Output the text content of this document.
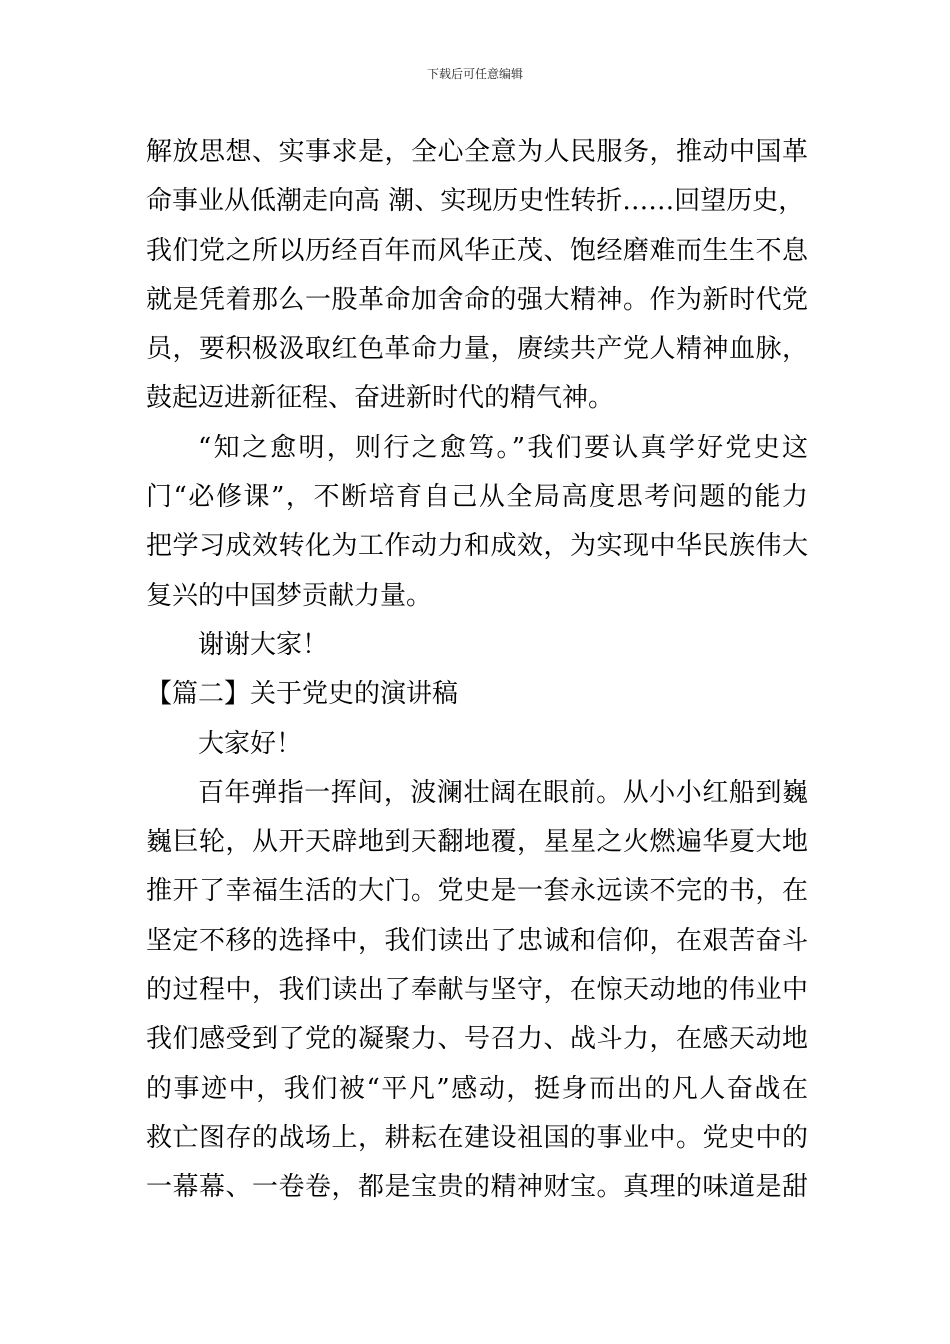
下载后可任意编辑
解放思想、实事求是，全心全意为人民服务，推动中国革
命事业从低潮走向高 潮、实现历史性转折……回望历史，
我们党之所以历经百年而风华正茂、饱经磨难而生生不息
就是凭着那么一股革命加舍命的强大精神。作为新时代党
员，要积极汲取红色革命力量，赓续共产党人精神血脉，
鼓起迈进新征程、奋进新时代的精气神。
“知之愈明，则行之愈笃。”我们要认真学好党史这
门“必修课”，不断培育自己从全局高度思考问题的能力
把学习成效转化为工作动力和成效，为实现中华民族伟大
复兴的中国梦贡献力量。
谢谢大家！
【篇二】关于党史的演讲稿
大家好！
百年弹指一挥间，波澜壮阔在眼前。从小小红船到巍
巍巨轮，从开天辟地到天翻地覆，星星之火燃遍华夏大地
推开了幸福生活的大门。党史是一套永远读不完的书，在
坚定不移的选择中，我们读出了忠诚和信仰，在艰苦奋斗
的过程中，我们读出了奉献与坚守，在惊天动地的伟业中
我们感受到了党的凝聚力、号召力、战斗力，在感天动地
的事迹中，我们被“平凡”感动，挺身而出的凡人奋战在
救亡图存的战场上，耕耘在建设祖国的事业中。党史中的
一幕幕、一卷卷，都是宝贵的精神财宝。真理的味道是甜
